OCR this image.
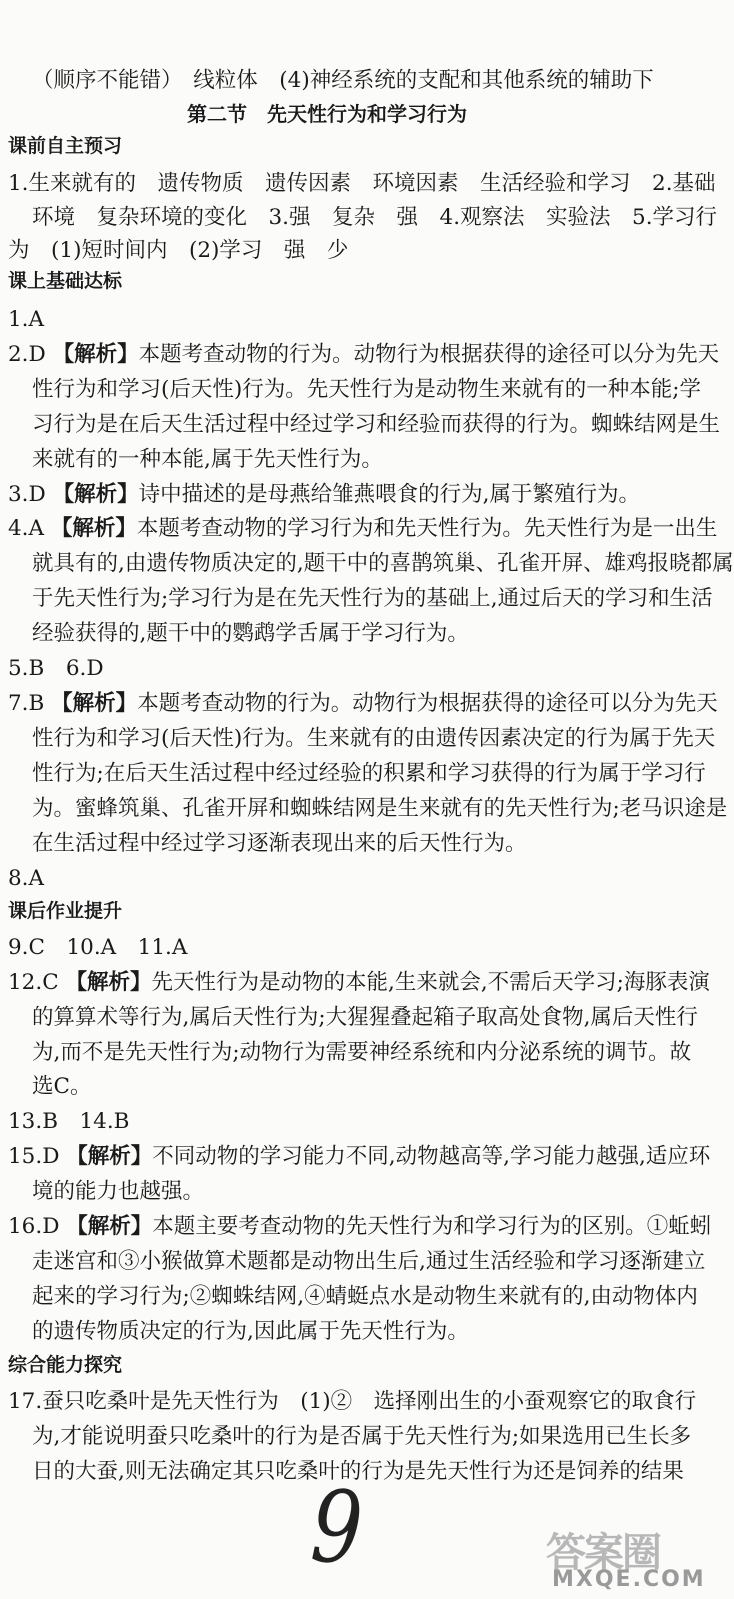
（顺序不能错）　线粒体　(4)神经系统的支配和其他系统的辅助下
第二节　先天性行为和学习行为
课前自主预习
1.生来就有的　遗传物质　遗传因素　环境因素　生活经验和学习　2.基础
环境　复杂环境的变化　3.强　复杂　强　4.观察法　实验法　5.学习行
为　(1)短时间内　(2)学习　强　少
课上基础达标
1.A
2.D 【解析】本题考查动物的行为。动物行为根据获得的途径可以分为先天
性行为和学习(后天性)行为。先天性行为是动物生来就有的一种本能;学
习行为是在后天生活过程中经过学习和经验而获得的行为。蜘蛛结网是生
来就有的一种本能,属于先天性行为。
3.D 【解析】诗中描述的是母燕给雏燕喂食的行为,属于繁殖行为。
4.A 【解析】本题考查动物的学习行为和先天性行为。先天性行为是一出生
就具有的,由遗传物质决定的,题干中的喜鹊筑巢、孔雀开屏、雄鸡报晓都属
于先天性行为;学习行为是在先天性行为的基础上,通过后天的学习和生活
经验获得的,题干中的鹦鹉学舌属于学习行为。
5.B　6.D
7.B 【解析】本题考查动物的行为。动物行为根据获得的途径可以分为先天
性行为和学习(后天性)行为。生来就有的由遗传因素决定的行为属于先天
性行为;在后天生活过程中经过经验的积累和学习获得的行为属于学习行
为。蜜蜂筑巢、孔雀开屏和蜘蛛结网是生来就有的先天性行为;老马识途是
在生活过程中经过学习逐渐表现出来的后天性行为。
8.A
课后作业提升
9.C　10.A　11.A
12.C 【解析】先天性行为是动物的本能,生来就会,不需后天学习;海豚表演
的算算术等行为,属后天性行为;大猩猩叠起箱子取高处食物,属后天性行
为,而不是先天性行为;动物行为需要神经系统和内分泌系统的调节。故
选C。
13.B　14.B
15.D 【解析】不同动物的学习能力不同,动物越高等,学习能力越强,适应环
境的能力也越强。
16.D 【解析】本题主要考查动物的先天性行为和学习行为的区别。①蚯蚓
走迷宫和③小猴做算术题都是动物出生后,通过生活经验和学习逐渐建立
起来的学习行为;②蜘蛛结网,④蜻蜓点水是动物生来就有的,由动物体内
的遗传物质决定的行为,因此属于先天性行为。
综合能力探究
17.蚕只吃桑叶是先天性行为　(1)②　选择刚出生的小蚕观察它的取食行
为,才能说明蚕只吃桑叶的行为是否属于先天性行为;如果选用已生长多
日的大蚕,则无法确定其只吃桑叶的行为是先天性行为还是饲养的结果
9	答案圈
MXQE.COM
